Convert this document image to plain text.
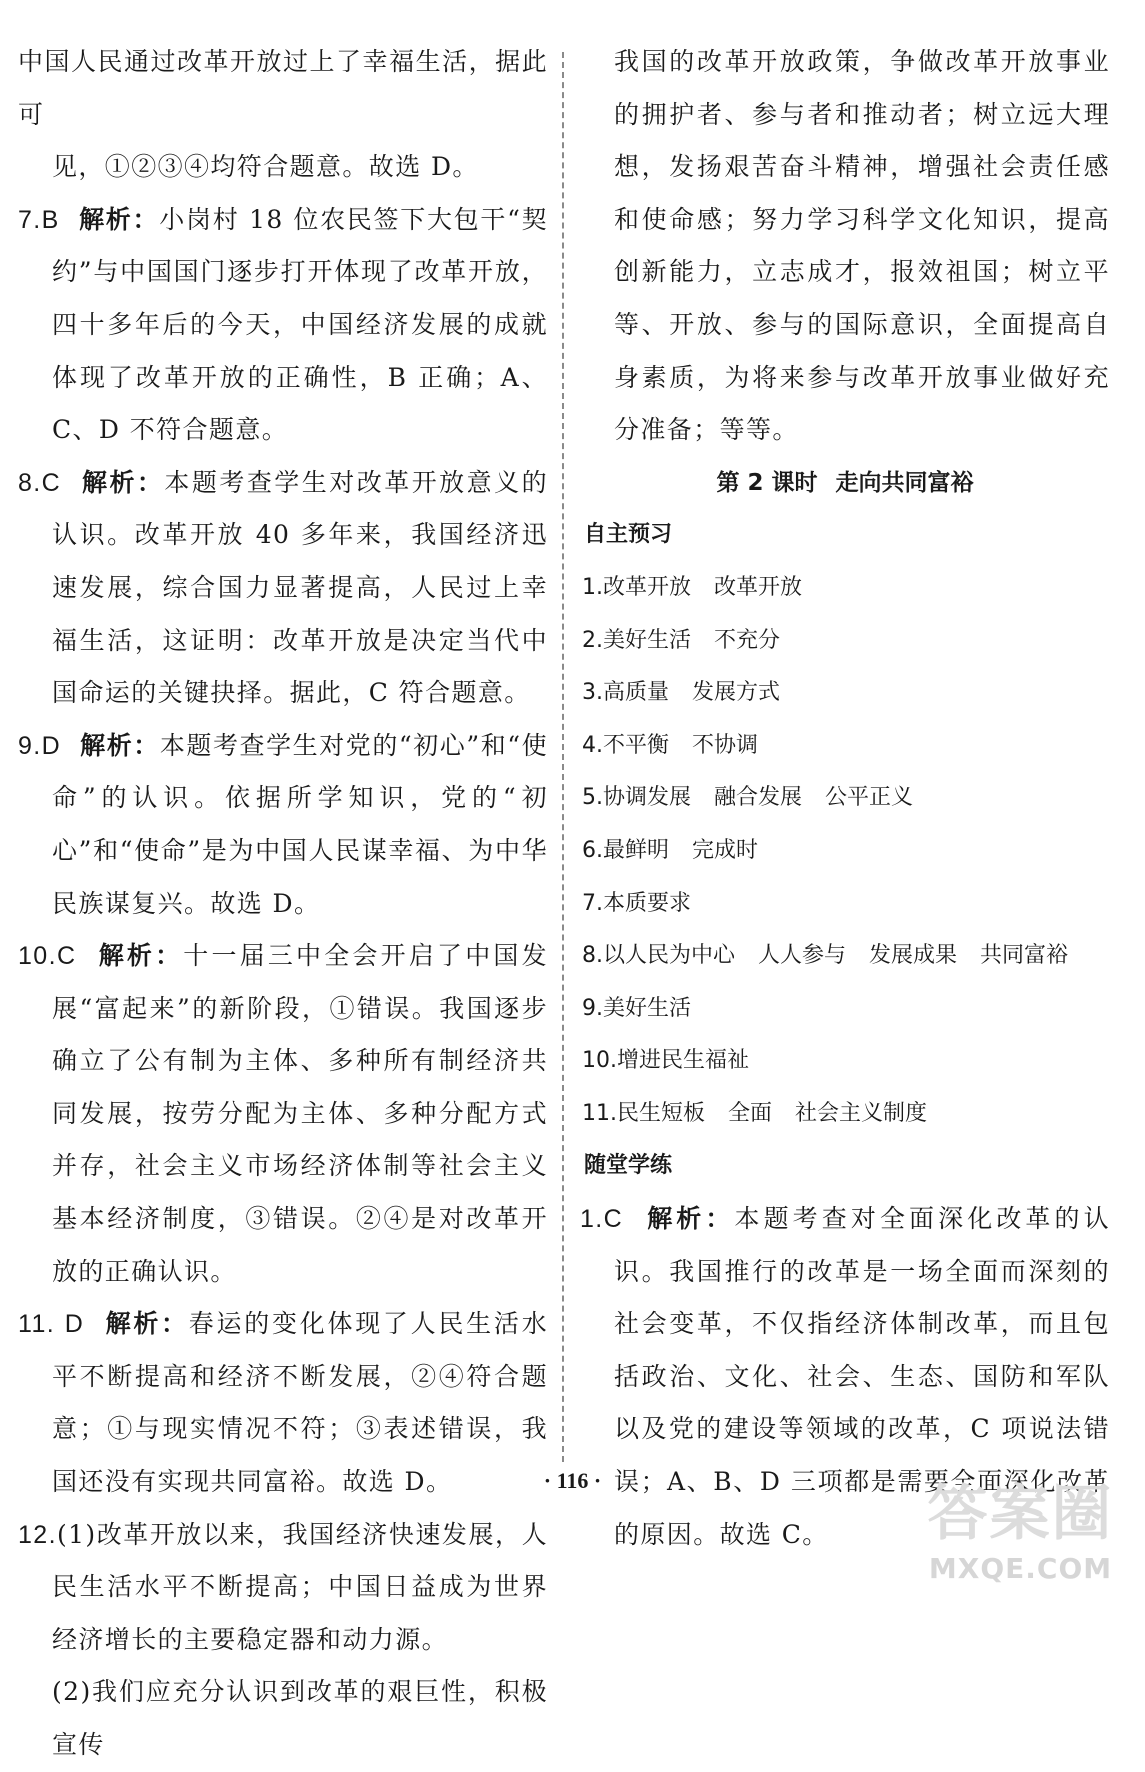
中国人民通过改革开放过上了幸福生活，据此可

见，①②③④均符合题意。故选 D。

7.B 解析：小岗村 18 位农民签下大包干“契约”与中国国门逐步打开体现了改革开放，四十多年后的今天，中国经济发展的成就体现了改革开放的正确性，B 正确；A、C、D 不符合题意。

8.C 解析：本题考查学生对改革开放意义的认识。改革开放 40 多年来，我国经济迅速发展，综合国力显著提高，人民过上幸福生活，这证明：改革开放是决定当代中国命运的关键抉择。据此，C 符合题意。

9.D 解析：本题考查学生对党的“初心”和“使命”的认识。依据所学知识，党的“初心”和“使命”是为中国人民谋幸福、为中华民族谋复兴。故选 D。

10.C 解析：十一届三中全会开启了中国发展“富起来”的新阶段，①错误。我国逐步确立了公有制为主体、多种所有制经济共同发展，按劳分配为主体、多种分配方式并存，社会主义市场经济体制等社会主义基本经济制度，③错误。②④是对改革开放的正确认识。

11. D 解析：春运的变化体现了人民生活水平不断提高和经济不断发展，②④符合题意；①与现实情况不符；③表述错误，我国还没有实现共同富裕。故选 D。

12.(1)改革开放以来，我国经济快速发展，人民生活水平不断提高；中国日益成为世界经济增长的主要稳定器和动力源。

(2)我们应充分认识到改革的艰巨性，积极宣传

我国的改革开放政策，争做改革开放事业的拥护者、参与者和推动者；树立远大理想，发扬艰苦奋斗精神，增强社会责任感和使命感；努力学习科学文化知识，提高创新能力，立志成才，报效祖国；树立平等、开放、参与的国际意识，全面提高自身素质，为将来参与改革开放事业做好充分准备；等等。

第 2 课时 走向共同富裕
自主预习
1.改革开放 改革开放
2.美好生活 不充分
3.高质量 发展方式
4.不平衡 不协调
5.协调发展 融合发展 公平正义
6.最鲜明 完成时
7.本质要求
8.以人民为中心 人人参与 发展成果 共同富裕
9.美好生活
10.增进民生福祉
11.民生短板 全面 社会主义制度
随堂学练

1.C 解析：本题考查对全面深化改革的认识。我国推行的改革是一场全面而深刻的社会变革，不仅指经济体制改革，而且包括政治、文化、社会、生态、国防和军队以及党的建设等领域的改革，C 项说法错误；A、B、D 三项都是需要全面深化改革的原因。故选 C。

· 116 ·	答案圈
MXQE.COM
